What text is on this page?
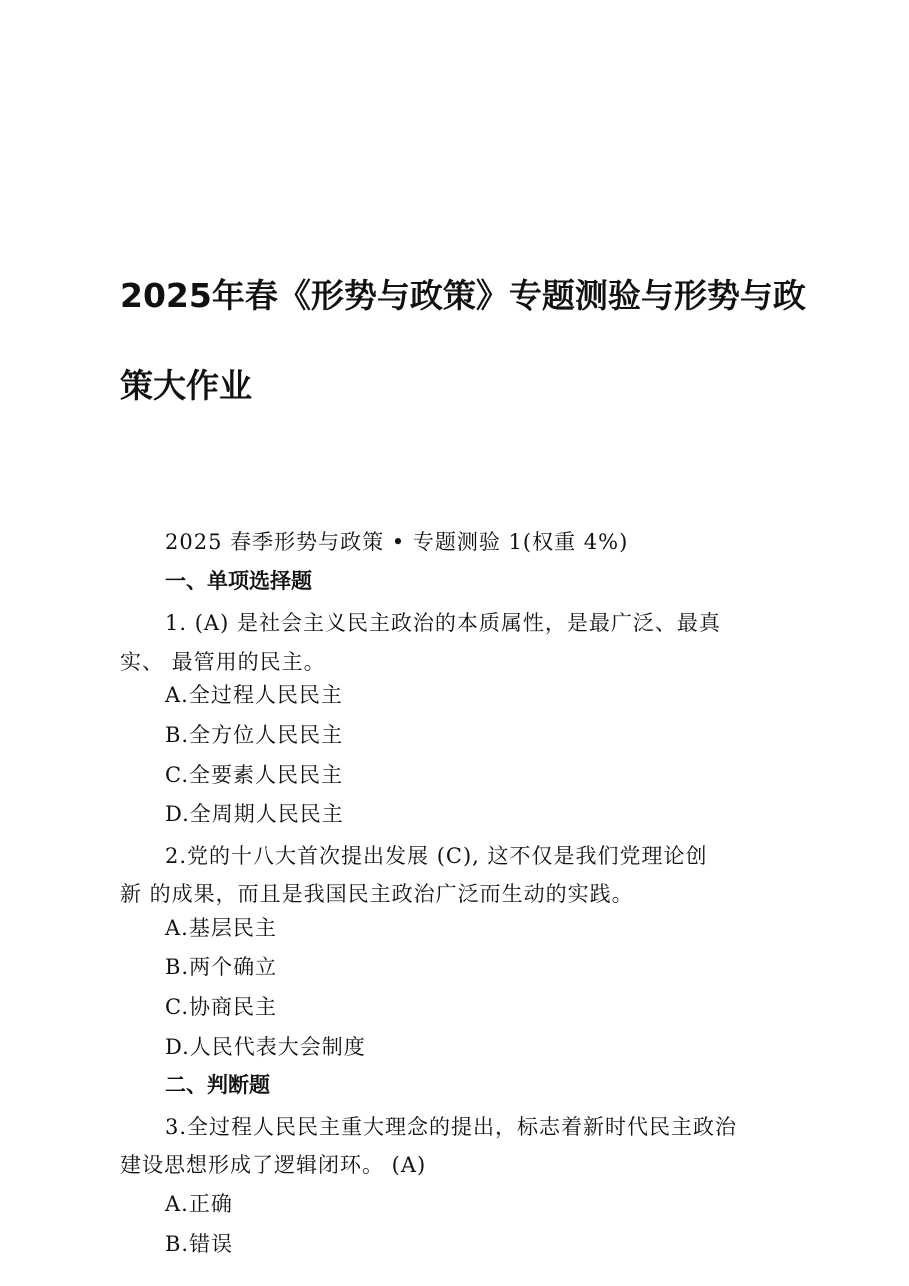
2025年春《形势与政策》专题测验与形势与政
策大作业
2025 春季形势与政策 • 专题测验 1(权重 4%)
一、单项选择题
1. (A) 是社会主义民主政治的本质属性，是最广泛、最真
实、 最管用的民主。
A.全过程人民民主
B.全方位人民民主
C.全要素人民民主
D.全周期人民民主
2.党的十八大首次提出发展 (C), 这不仅是我们党理论创
新 的成果，而且是我国民主政治广泛而生动的实践。
A.基层民主
B.两个确立
C.协商民主
D.人民代表大会制度
二、判断题
3.全过程人民民主重大理念的提出，标志着新时代民主政治
建设思想形成了逻辑闭环。 (A)
A.正确
B.错误
